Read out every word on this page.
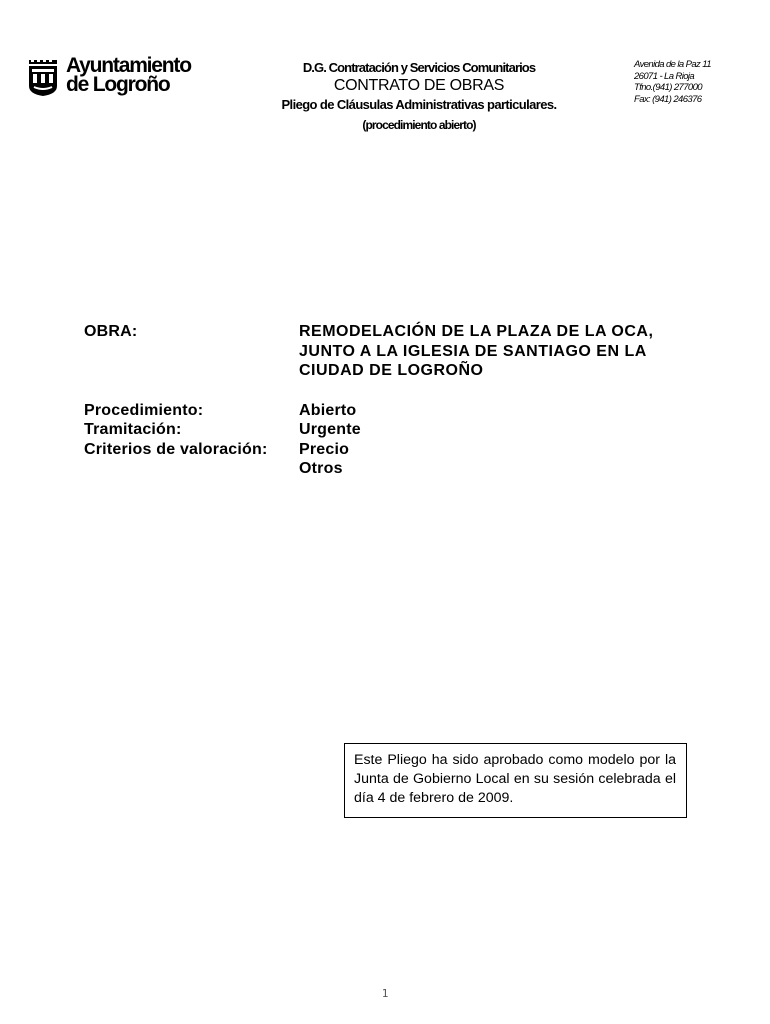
Ayuntamiento
de Logroño
D.G. Contratación y Servicios Comunitarios
CONTRATO DE OBRAS
Pliego de Cláusulas Administrativas particulares.
(procedimiento abierto)
Avenida de la Paz 11
26071 - La Rioja
Tfno.(941) 277000
Fax: (941) 246376
OBRA:	REMODELACIÓN DE LA PLAZA DE LA OCA, JUNTO A LA IGLESIA DE SANTIAGO EN LA CIUDAD DE LOGROÑO
Procedimiento:	Abierto
Tramitación:	Urgente
Criterios de valoración: Precio
Otros
Este Pliego ha sido aprobado como modelo por la Junta de Gobierno Local en su sesión celebrada el día 4 de febrero de 2009.
1
